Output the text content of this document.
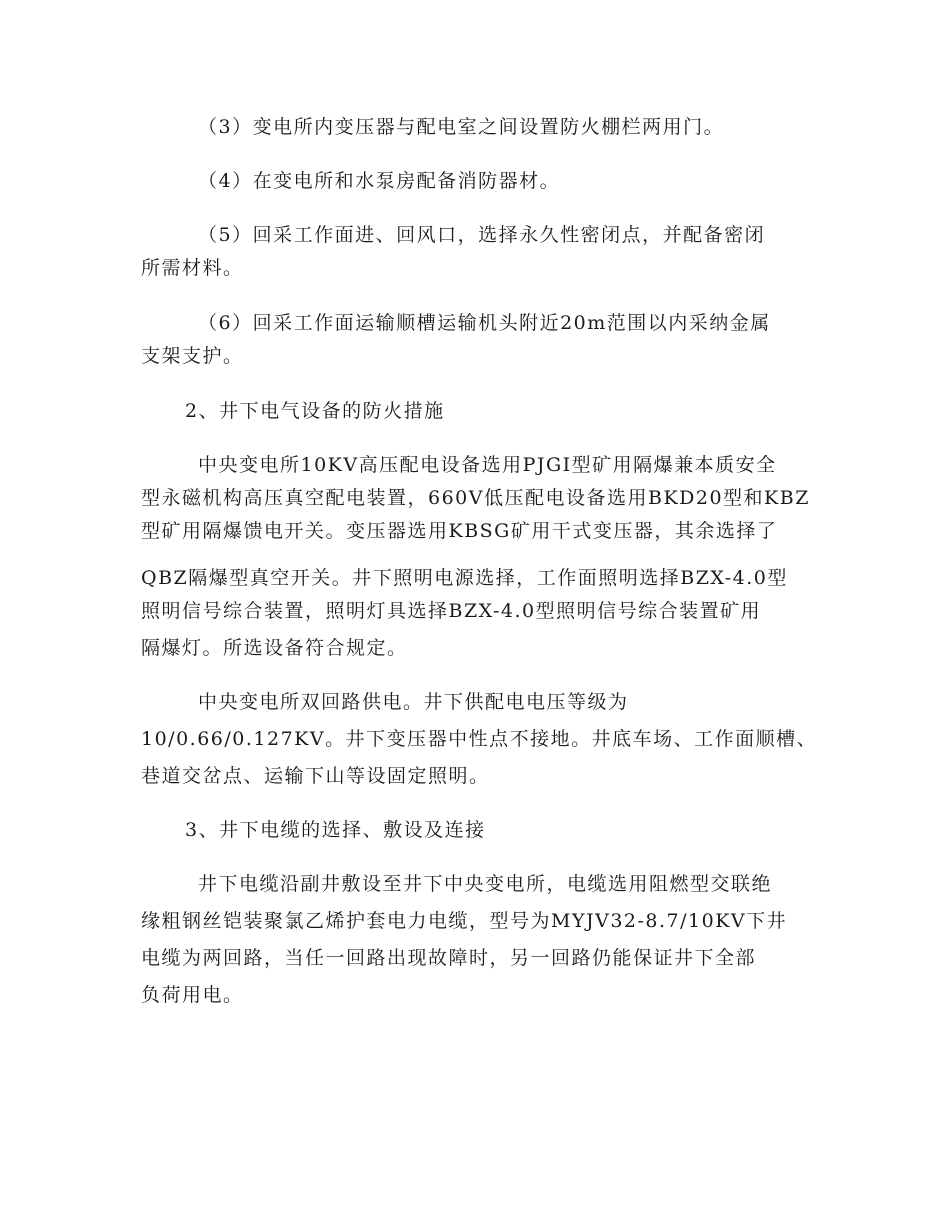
（3）变电所内变压器与配电室之间设置防火棚栏两用门。
（4）在变电所和水泵房配备消防器材。
（5）回采工作面进、回风口，选择永久性密闭点，并配备密闭
所需材料。
（6）回采工作面运输顺槽运输机头附近20m范围以内采纳金属
支架支护。
2、井下电气设备的防火措施
中央变电所10KV高压配电设备选用PJGI型矿用隔爆兼本质安全
型永磁机构高压真空配电装置，660V低压配电设备选用BKD20型和KBZ
型矿用隔爆馈电开关。变压器选用KBSG矿用干式变压器，其余选择了
QBZ隔爆型真空开关。井下照明电源选择，工作面照明选择BZX-4.0型
照明信号综合装置，照明灯具选择BZX-4.0型照明信号综合装置矿用
隔爆灯。所选设备符合规定。
中央变电所双回路供电。井下供配电电压等级为
10/0.66/0.127KV。井下变压器中性点不接地。井底车场、工作面顺槽、
巷道交岔点、运输下山等设固定照明。
3、井下电缆的选择、敷设及连接
井下电缆沿副井敷设至井下中央变电所，电缆选用阻燃型交联绝
缘粗钢丝铠装聚氯乙烯护套电力电缆，型号为MYJV32-8.7/10KV下井
电缆为两回路，当任一回路出现故障时，另一回路仍能保证井下全部
负荷用电。
